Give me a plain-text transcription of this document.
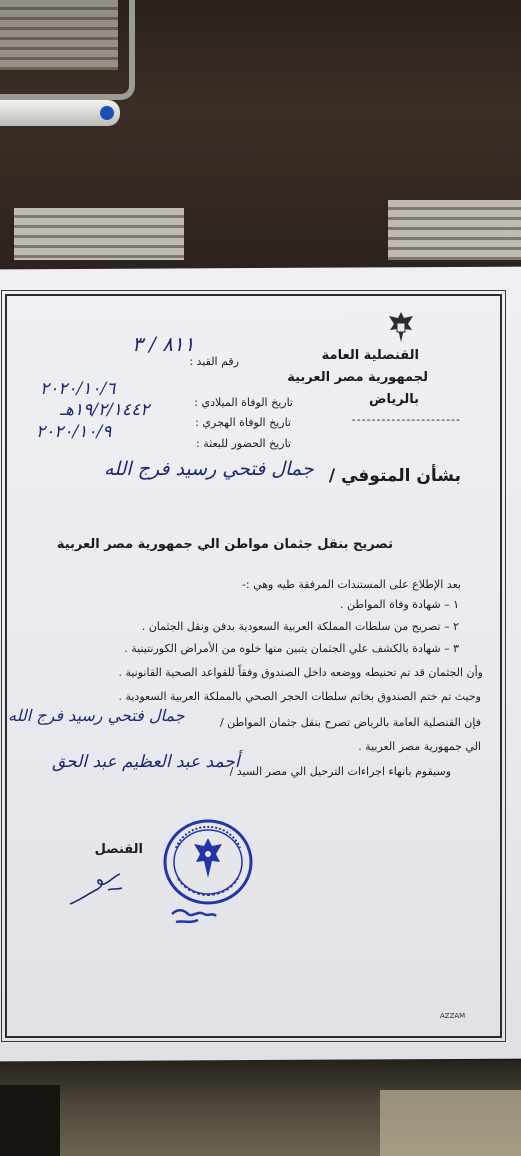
القنصلية العامة
لجمهورية مصر العربية
بالرياض
----------------------
رقم القيد :
٨١١ / ٣
تاريخ الوفاة الميلادي :
٢٠٢٠/١٠/٦
تاريخ الوفاة الهجري :
١٩/٢/١٤٤٢هـ
تاريخ الحضور للبعثة :
٢٠٢٠/١٠/٩
بشأن المتوفي /
جمال فتحي رسيد فرج الله
تصريح بنقل جثمان مواطن الي جمهورية مصر العربية
بعد الإطلاع على المستندات المرفقة طيه وهي :-
١ – شهادة وفاة المواطن .
٢ – تصريح من سلطات المملكة العربية السعودية بدفن ونقل الجثمان .
٣ – شهادة بالكشف علي الجثمان يتبين منها خلوه من الأمراض الكورنتينية .
وأن الجثمان قد تم تحنيطه ووضعه داخل الصندوق وفقاً للقواعد الصحية القانونية .
وحيث تم ختم الصندوق بخاتم سلطات الحجر الصحي بالمملكة العربية السعودية .
فإن القنصلية العامة بالرياض تصرح بنقل جثمان المواطن /
جمال فتحي رسيد فرج الله
الي جمهورية مصر العربية .
وسيقوم بانهاء اجراءات الترحيل الي مصر السيد /
أحمد عبد العظيم عبد الحق
القنصل
AZZAM
